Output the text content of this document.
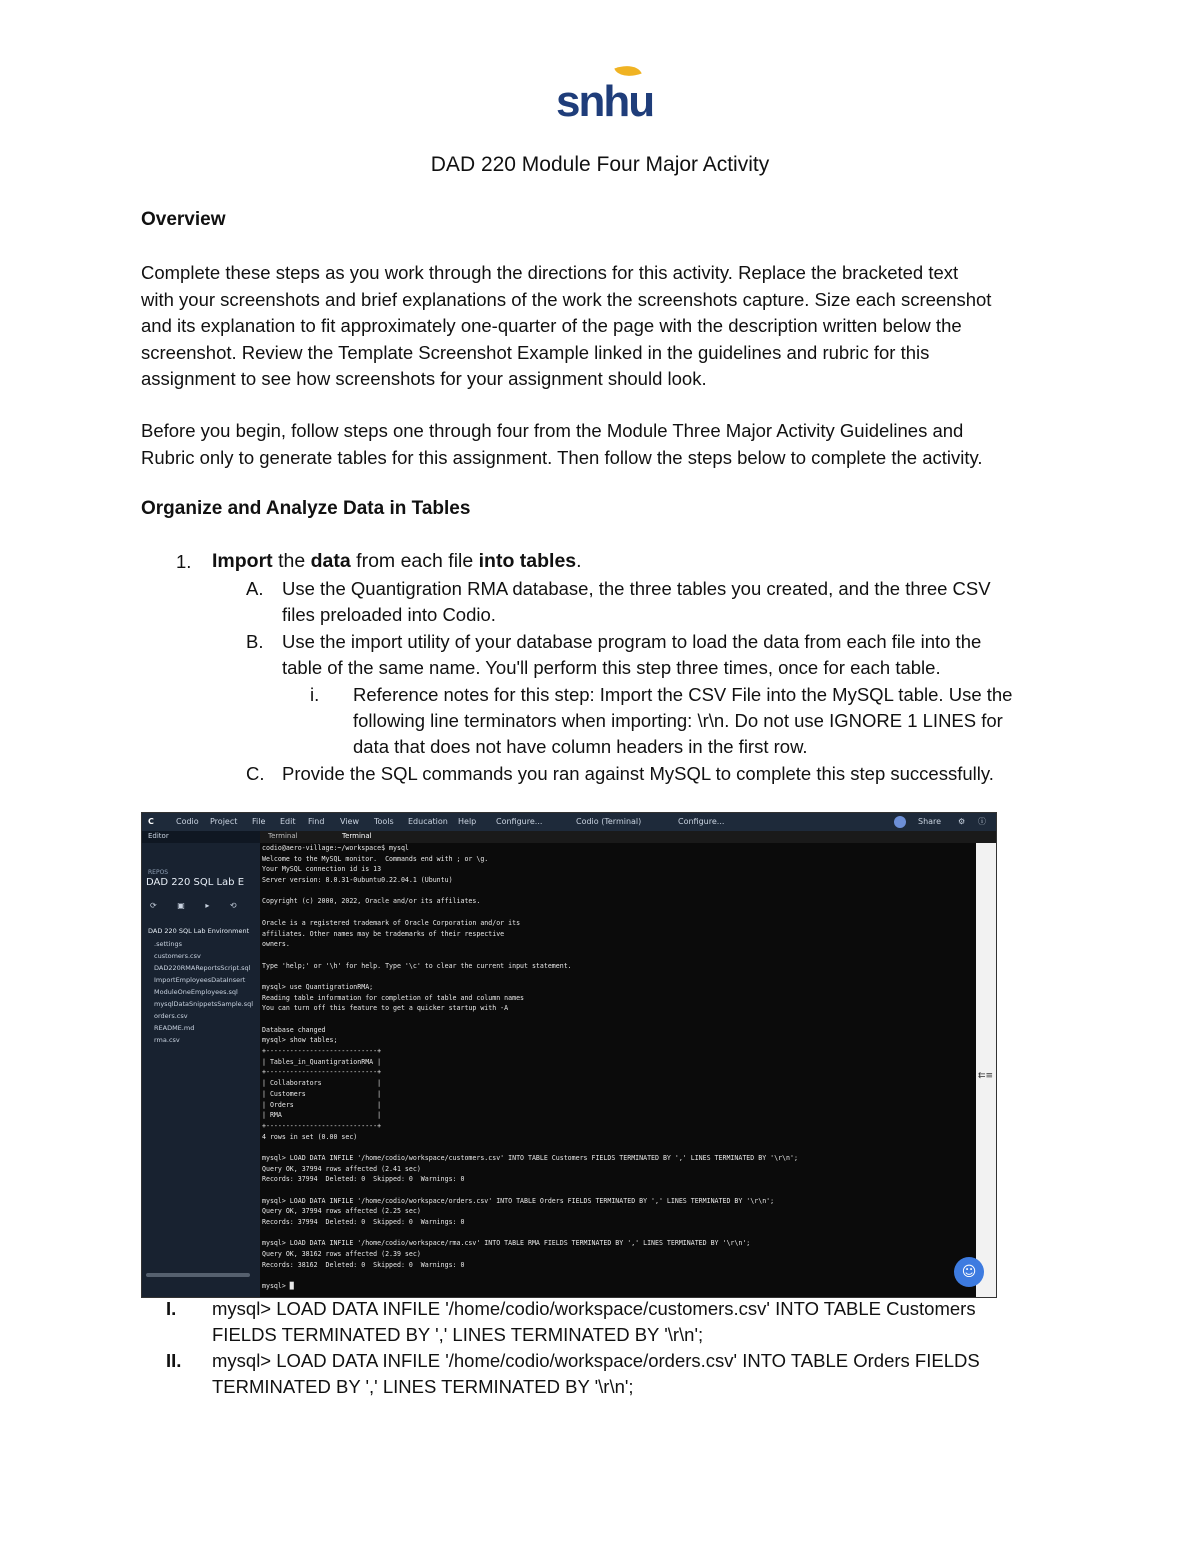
snhu
DAD 220 Module Four Major Activity
Overview
Complete these steps as you work through the directions for this activity. Replace the bracketed text
with your screenshots and brief explanations of the work the screenshots capture. Size each screenshot
and its explanation to fit approximately one-quarter of the page with the description written below the
screenshot. Review the Template Screenshot Example linked in the guidelines and rubric for this
assignment to see how screenshots for your assignment should look.
Before you begin, follow steps one through four from the Module Three Major Activity Guidelines and
Rubric only to generate tables for this assignment. Then follow the steps below to complete the activity.
Organize and Analyze Data in Tables
1. Import the data from each file into tables.
A. Use the Quantigration RMA database, the three tables you created, and the three CSV
files preloaded into Codio.
B. Use the import utility of your database program to load the data from each file into the
table of the same name. You'll perform this step three times, once for each table.
i. Reference notes for this step: Import the CSV File into the MySQL table. Use the
following line terminators when importing: \r\n. Do not use IGNORE 1 LINES for
data that does not have column headers in the first row.
C. Provide the SQL commands you ran against MySQL to complete this step successfully.
C	Codio Project File Edit Find View Tools Education Help Configure...	Codio (Terminal)	Configure...	Share ⚙ ⓘ
Editor
REPOS
DAD 220 SQL Lab E
⟳ ▣ ▸ ⟲
DAD 220 SQL Lab Environment
.settings
customers.csv
DAD220RMAReportsScript.sql
ImportEmployeesDataInsert
ModuleOneEmployees.sql
mysqlDataSnippetsSample.sql
orders.csv
README.md
rma.csv
Terminal	Terminal
codio@aero-village:~/workspace$ mysql
Welcome to the MySQL monitor.  Commands end with ; or \g.
Your MySQL connection id is 13
Server version: 8.0.31-0ubuntu0.22.04.1 (Ubuntu)
Copyright (c) 2000, 2022, Oracle and/or its affiliates.
Oracle is a registered trademark of Oracle Corporation and/or its
affiliates. Other names may be trademarks of their respective
owners.
Type 'help;' or '\h' for help. Type '\c' to clear the current input statement.
mysql> use QuantigrationRMA;
Reading table information for completion of table and column names
You can turn off this feature to get a quicker startup with -A
Database changed
mysql> show tables;
+----------------------------+
| Tables_in_QuantigrationRMA |
+----------------------------+
| Collaborators              |
| Customers                  |
| Orders                     |
| RMA                        |
+----------------------------+
4 rows in set (0.00 sec)
mysql> LOAD DATA INFILE '/home/codio/workspace/customers.csv' INTO TABLE Customers FIELDS TERMINATED BY ',' LINES TERMINATED BY '\r\n';
Query OK, 37994 rows affected (2.41 sec)
Records: 37994  Deleted: 0  Skipped: 0  Warnings: 0
mysql> LOAD DATA INFILE '/home/codio/workspace/orders.csv' INTO TABLE Orders FIELDS TERMINATED BY ',' LINES TERMINATED BY '\r\n';
Query OK, 37994 rows affected (2.25 sec)
Records: 37994  Deleted: 0  Skipped: 0  Warnings: 0
mysql> LOAD DATA INFILE '/home/codio/workspace/rma.csv' INTO TABLE RMA FIELDS TERMINATED BY ',' LINES TERMINATED BY '\r\n';
Query OK, 38162 rows affected (2.39 sec)
Records: 38162  Deleted: 0  Skipped: 0  Warnings: 0
mysql> █
⇇≡
☺
I. mysql> LOAD DATA INFILE '/home/codio/workspace/customers.csv' INTO TABLE Customers
FIELDS TERMINATED BY ',' LINES TERMINATED BY '\r\n';
II. mysql> LOAD DATA INFILE '/home/codio/workspace/orders.csv' INTO TABLE Orders FIELDS
TERMINATED BY ',' LINES TERMINATED BY '\r\n';
